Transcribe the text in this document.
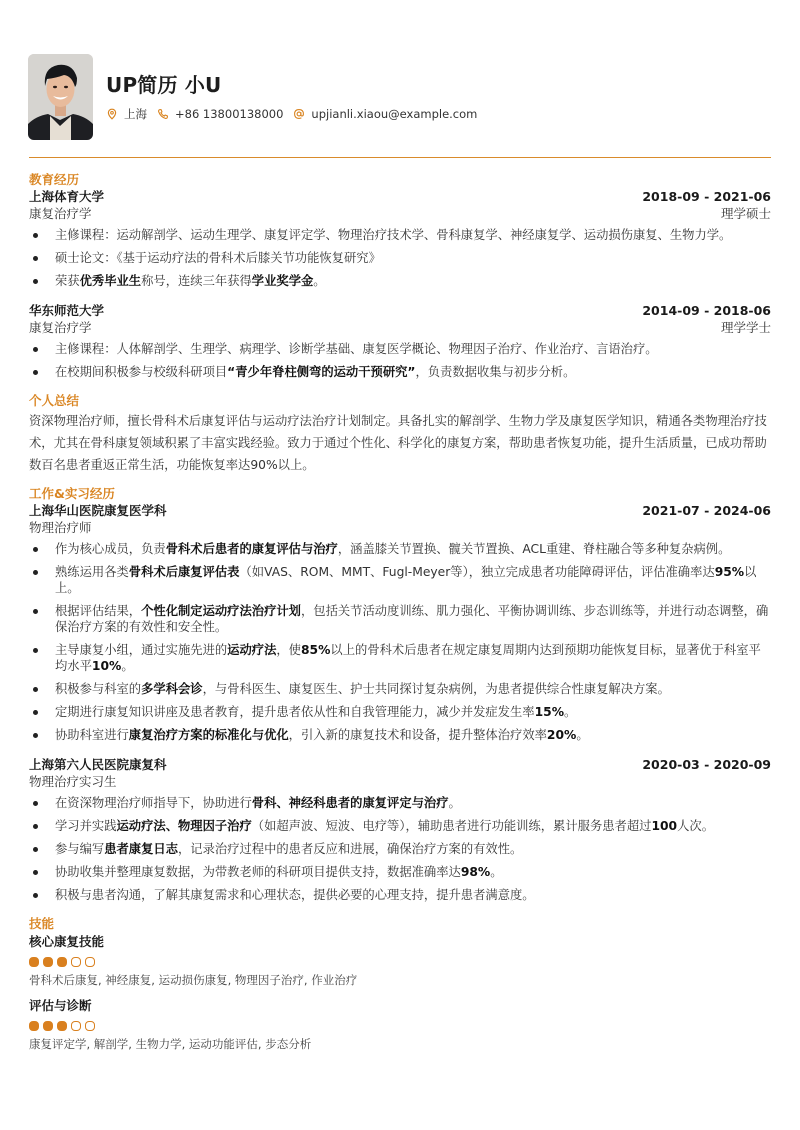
UP简历 小U
上海 +86 13800138000 upjianli.xiaou@example.com
教育经历
上海体育大学	2018-09 - 2021-06
康复治疗学	理学硕士
主修课程：运动解剖学、运动生理学、康复评定学、物理治疗技术学、骨科康复学、神经康复学、运动损伤康复、生物力学。
硕士论文：《基于运动疗法的骨科术后膝关节功能恢复研究》
荣获优秀毕业生称号，连续三年获得学业奖学金。
华东师范大学	2014-09 - 2018-06
康复治疗学	理学学士
主修课程：人体解剖学、生理学、病理学、诊断学基础、康复医学概论、物理因子治疗、作业治疗、言语治疗。
在校期间积极参与校级科研项目“青少年脊柱侧弯的运动干预研究”，负责数据收集与初步分析。
个人总结
资深物理治疗师，擅长骨科术后康复评估与运动疗法治疗计划制定。具备扎实的解剖学、生物力学及康复医学知识，精通各类物理治疗技术，尤其在骨科康复领域积累了丰富实践经验。致力于通过个性化、科学化的康复方案，帮助患者恢复功能，提升生活质量，已成功帮助数百名患者重返正常生活，功能恢复率达90%以上。
工作&实习经历
上海华山医院康复医学科	2021-07 - 2024-06
物理治疗师
作为核心成员，负责骨科术后患者的康复评估与治疗，涵盖膝关节置换、髋关节置换、ACL重建、脊柱融合等多种复杂病例。
熟练运用各类骨科术后康复评估表（如VAS、ROM、MMT、Fugl-Meyer等），独立完成患者功能障碍评估，评估准确率达95%以上。
根据评估结果，个性化制定运动疗法治疗计划，包括关节活动度训练、肌力强化、平衡协调训练、步态训练等，并进行动态调整，确保治疗方案的有效性和安全性。
主导康复小组，通过实施先进的运动疗法，使85%以上的骨科术后患者在规定康复周期内达到预期功能恢复目标，显著优于科室平均水平10%。
积极参与科室的多学科会诊，与骨科医生、康复医生、护士共同探讨复杂病例，为患者提供综合性康复解决方案。
定期进行康复知识讲座及患者教育，提升患者依从性和自我管理能力，减少并发症发生率15%。
协助科室进行康复治疗方案的标准化与优化，引入新的康复技术和设备，提升整体治疗效率20%。
上海第六人民医院康复科	2020-03 - 2020-09
物理治疗实习生
在资深物理治疗师指导下，协助进行骨科、神经科患者的康复评定与治疗。
学习并实践运动疗法、物理因子治疗（如超声波、短波、电疗等），辅助患者进行功能训练，累计服务患者超过100人次。
参与编写患者康复日志，记录治疗过程中的患者反应和进展，确保治疗方案的有效性。
协助收集并整理康复数据，为带教老师的科研项目提供支持，数据准确率达98%。
积极与患者沟通，了解其康复需求和心理状态，提供必要的心理支持，提升患者满意度。
技能
核心康复技能
骨科术后康复, 神经康复, 运动损伤康复, 物理因子治疗, 作业治疗
评估与诊断
康复评定学, 解剖学, 生物力学, 运动功能评估, 步态分析
